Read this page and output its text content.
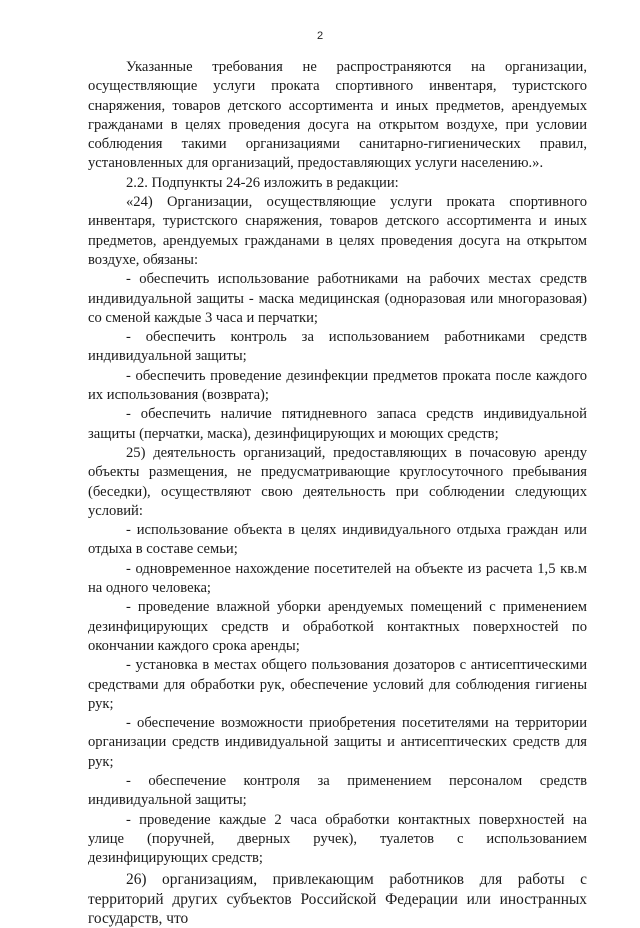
2

Указанные требования не распространяются на организации, осуществляющие услуги проката спортивного инвентаря, туристского снаряжения, товаров детского ассортимента и иных предметов, арендуемых гражданами в целях проведения досуга на открытом воздухе, при условии соблюдения такими организациями санитарно-гигиенических правил, установленных для организаций, предоставляющих услуги населению.».

2.2. Подпункты 24-26 изложить в редакции:

«24) Организации, осуществляющие услуги проката спортивного инвентаря, туристского снаряжения, товаров детского ассортимента и иных предметов, арендуемых гражданами в целях проведения досуга на открытом воздухе, обязаны:

- обеспечить использование работниками на рабочих местах средств индивидуальной защиты - маска медицинская (одноразовая или многоразовая) со сменой каждые 3 часа и перчатки;

- обеспечить контроль за использованием работниками средств индивидуальной защиты;

- обеспечить проведение дезинфекции предметов проката после каждого их использования (возврата);

- обеспечить наличие пятидневного запаса средств индивидуальной защиты (перчатки, маска), дезинфицирующих и моющих средств;

25) деятельность организаций, предоставляющих в почасовую аренду объекты размещения, не предусматривающие круглосуточного пребывания (беседки), осуществляют свою деятельность при соблюдении следующих условий:

- использование объекта в целях индивидуального отдыха граждан или отдыха в составе семьи;

- одновременное нахождение посетителей на объекте из расчета 1,5 кв.м на одного человека;

- проведение влажной уборки арендуемых помещений с применением дезинфицирующих средств и обработкой контактных поверхностей по окончании каждого срока аренды;

- установка в местах общего пользования дозаторов с антисептическими средствами для обработки рук, обеспечение условий для соблюдения гигиены рук;

- обеспечение возможности приобретения посетителями на территории организации средств индивидуальной защиты и антисептических средств для рук;

- обеспечение контроля за применением персоналом средств индивидуальной защиты;

- проведение каждые 2 часа обработки контактных поверхностей на улице (поручней, дверных ручек), туалетов с использованием дезинфицирующих средств;

26) организациям, привлекающим работников для работы с территорий других субъектов Российской Федерации или иностранных государств, что
